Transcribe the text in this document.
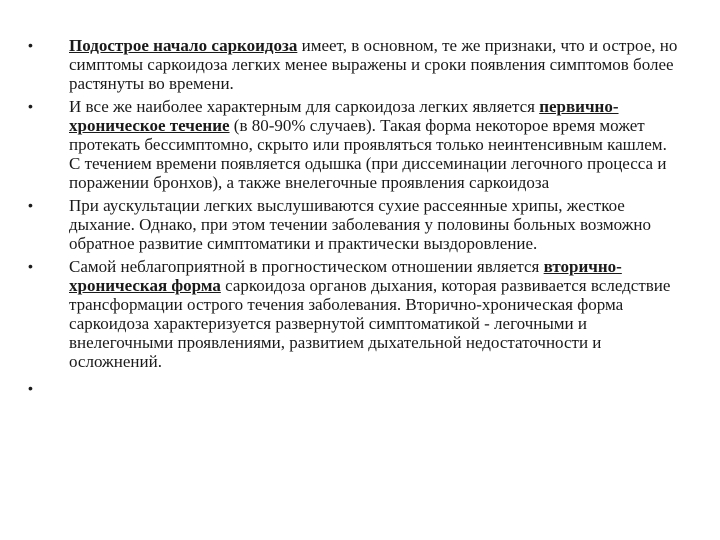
•	Подострое начало саркоидоза имеет, в основном, те же признаки, что и острое, но симптомы саркоидоза легких менее выражены и сроки появления симптомов более растянуты во времени.
•	И все же наиболее характерным для саркоидоза легких является первично-хроническое течение (в 80-90% случаев). Такая форма некоторое время может протекать бессимптомно, скрыто или проявляться только неинтенсивным кашлем. С течением времени появляется одышка (при диссеминации легочного процесса и поражении бронхов), а также внелегочные проявления саркоидоза
•	При аускультации легких выслушиваются сухие рассеянные хрипы, жесткое дыхание. Однако, при этом течении заболевания у половины больных возможно обратное развитие симптоматики и практически выздоровление.
•	Самой неблагоприятной в прогностическом отношении является вторично-хроническая форма саркоидоза органов дыхания, которая развивается вследствие трансформации острого течения заболевания. Вторично-хроническая форма саркоидоза характеризуется развернутой симптоматикой - легочными и внелегочными проявлениями, развитием дыхательной недостаточности и осложнений.
•
